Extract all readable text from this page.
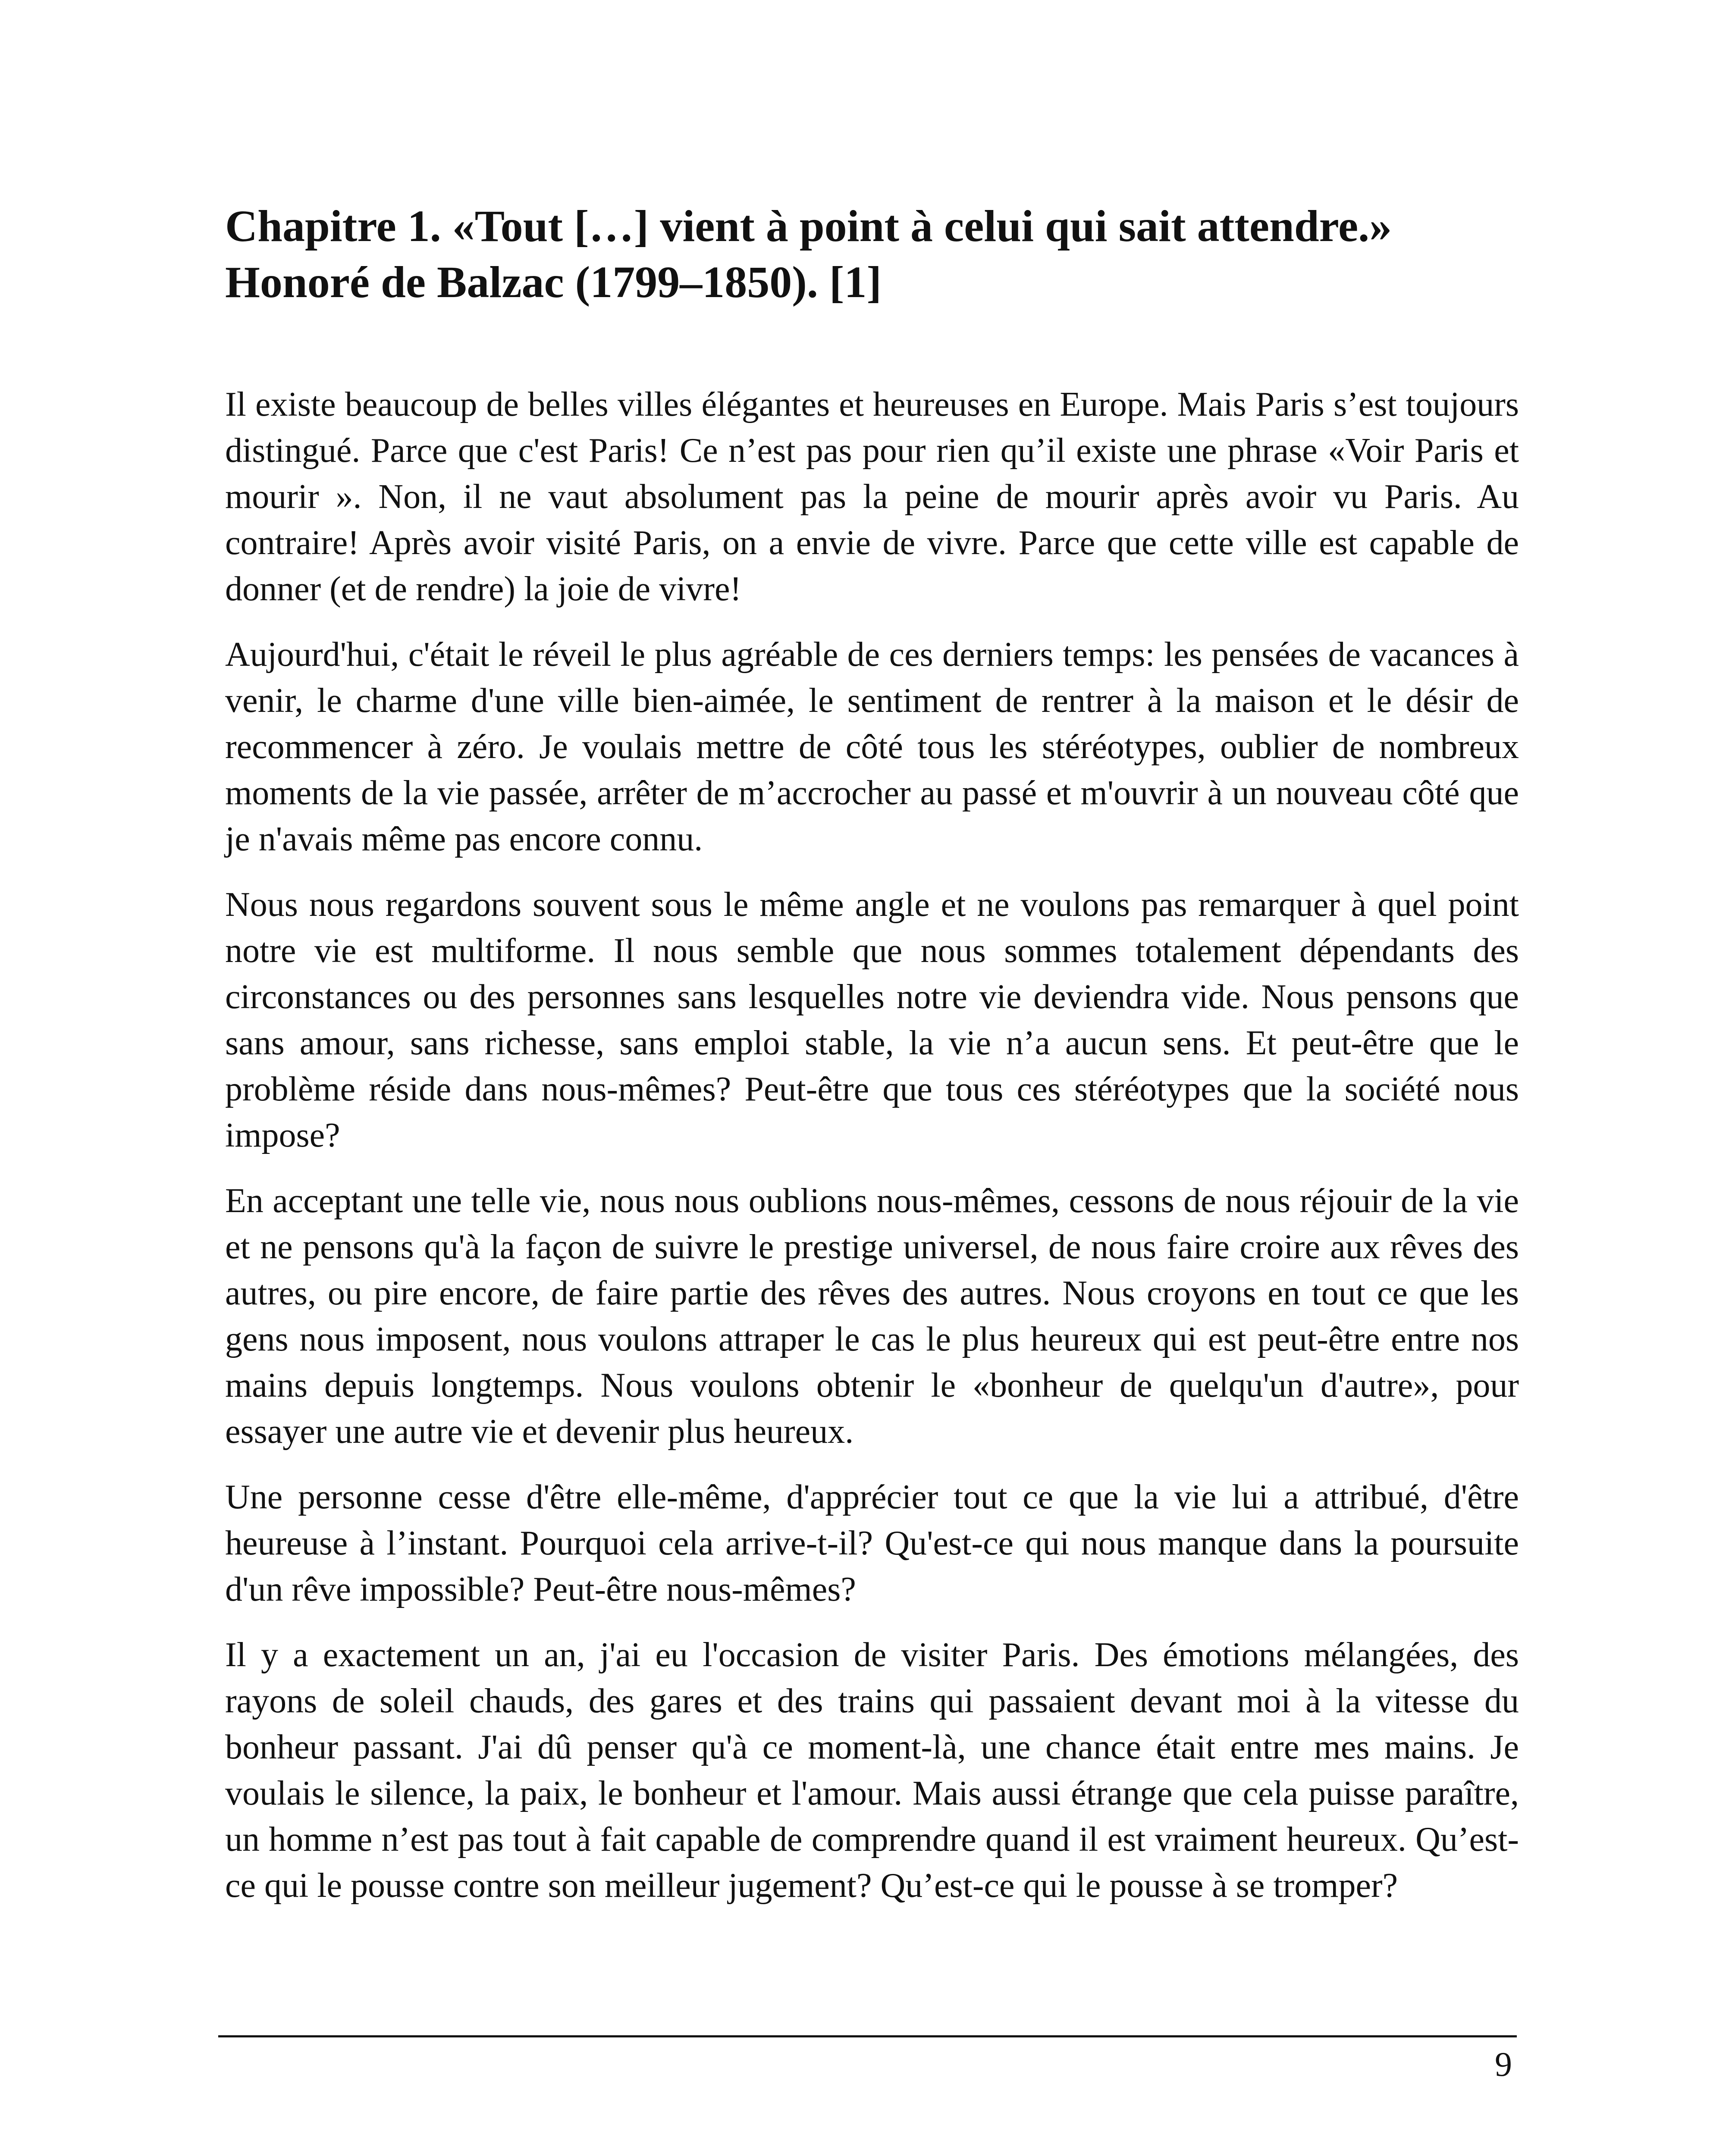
Chapitre 1. «Tout […] vient à point à celui qui sait attendre.»
Honoré de Balzac (1799–1850). [1]

Il existe beaucoup de belles villes élégantes et heureuses en Europe. Mais Paris s’est toujours distingué. Parce que c'est Paris! Ce n’est pas pour rien qu’il existe une phrase «Voir Paris et mourir ». Non, il ne vaut absolument pas la peine de mourir après avoir vu Paris. Au contraire! Après avoir visité Paris, on a envie de vivre. Parce que cette ville est capable de donner (et de rendre) la joie de vivre!

Aujourd'hui, c'était le réveil le plus agréable de ces derniers temps: les pensées de vacances à venir, le charme d'une ville bien-aimée, le sentiment de rentrer à la maison et le désir de recommencer à zéro. Je voulais mettre de côté tous les stéréotypes, oublier de nombreux moments de la vie passée, arrêter de m’accrocher au passé et m'ouvrir à un nouveau côté que je n'avais même pas encore connu.

Nous nous regardons souvent sous le même angle et ne voulons pas remarquer à quel point notre vie est multiforme. Il nous semble que nous sommes totalement dépendants des circonstances ou des personnes sans lesquelles notre vie deviendra vide. Nous pensons que sans amour, sans richesse, sans emploi stable, la vie n’a aucun sens. Et peut-être que le problème réside dans nous-mêmes? Peut-être que tous ces stéréotypes que la société nous impose?

En acceptant une telle vie, nous nous oublions nous-mêmes, cessons de nous réjouir de la vie et ne pensons qu'à la façon de suivre le prestige universel, de nous faire croire aux rêves des autres, ou pire encore, de faire partie des rêves des autres. Nous croyons en tout ce que les gens nous imposent, nous voulons attraper le cas le plus heureux qui est peut-être entre nos mains depuis longtemps. Nous voulons obtenir le «bonheur de quelqu'un d'autre», pour essayer une autre vie et devenir plus heureux.

Une personne cesse d'être elle-même, d'apprécier tout ce que la vie lui a attribué, d'être heureuse à l’instant. Pourquoi cela arrive-t-il? Qu'est-ce qui nous manque dans la poursuite d'un rêve impossible? Peut-être nous-mêmes?

Il y a exactement un an, j'ai eu l'occasion de visiter Paris. Des émotions mélangées, des rayons de soleil chauds, des gares et des trains qui passaient devant moi à la vitesse du bonheur passant. J'ai dû penser qu'à ce moment-là, une chance était entre mes mains. Je voulais le silence, la paix, le bonheur et l'amour. Mais aussi étrange que cela puisse paraître, un homme n’est pas tout à fait capable de comprendre quand il est vraiment heureux. Qu’est-ce qui le pousse contre son meilleur jugement? Qu’est-ce qui le pousse à se tromper?

9
